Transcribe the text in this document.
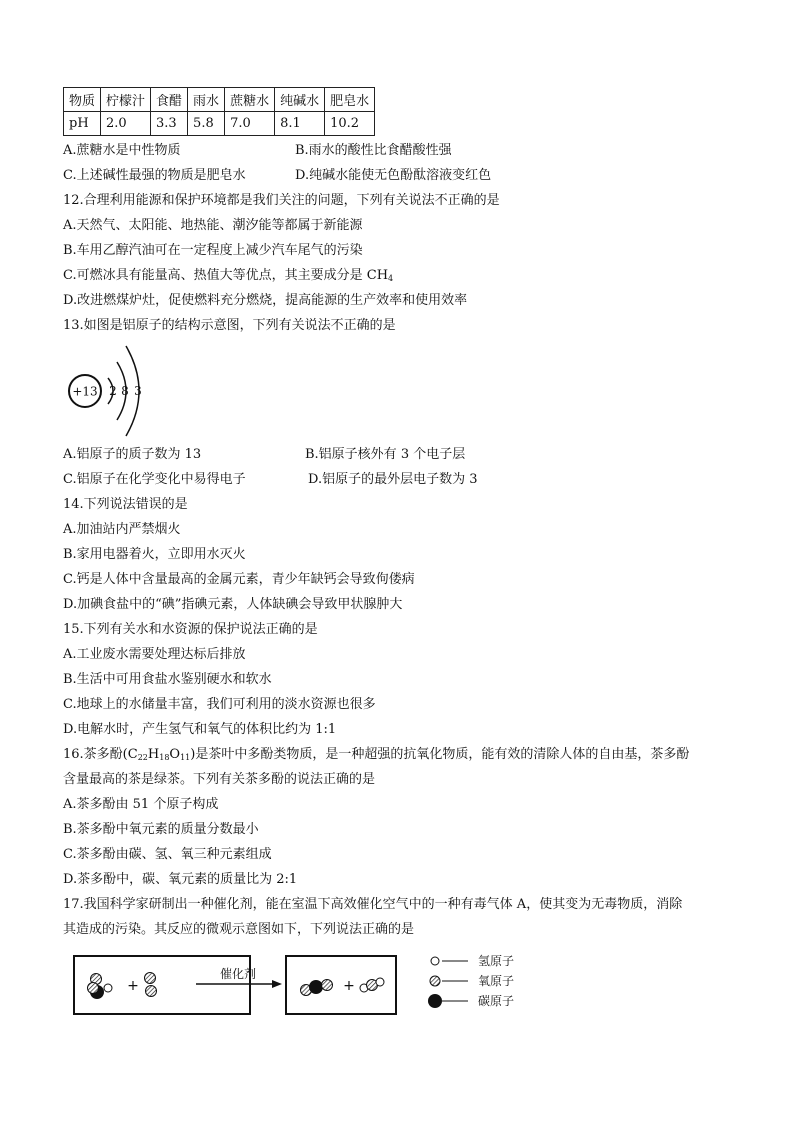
物质	柠檬汁	食醋	雨水	蔗糖水	纯碱水	肥皂水
pH	2.0	3.3	5.8	7.0	8.1	10.2
A.蔗糖水是中性物质	B.雨水的酸性比食醋酸性强
C.上述碱性最强的物质是肥皂水	D.纯碱水能使无色酚酞溶液变红色
12.合理利用能源和保护环境都是我们关注的问题，下列有关说法不正确的是
A.天然气、太阳能、地热能、潮汐能等都属于新能源
B.车用乙醇汽油可在一定程度上减少汽车尾气的污染
C.可燃冰具有能量高、热值大等优点，其主要成分是 $CH_4$
D.改进燃煤炉灶，促使燃料充分燃烧，提高能源的生产效率和使用效率
13.如图是铝原子的结构示意图，下列有关说法不正确的是
+13 2 8 3
A.铝原子的质子数为 13	B.铝原子核外有 3 个电子层
C.铝原子在化学变化中易得电子	D.铝原子的最外层电子数为 3
14.下列说法错误的是
A.加油站内严禁烟火
B.家用电器着火，立即用水灭火
C.钙是人体中含量最高的金属元素，青少年缺钙会导致佝偻病
D.加碘食盐中的“碘”指碘元素，人体缺碘会导致甲状腺肿大
15.下列有关水和水资源的保护说法正确的是
A.工业废水需要处理达标后排放
B.生活中可用食盐水鉴别硬水和软水
C.地球上的水储量丰富，我们可利用的淡水资源也很多
D.电解水时，产生氢气和氧气的体积比约为 1:1
16.茶多酚$(C_{22}H_{18}O_{11})$是茶叶中多酚类物质，是一种超强的抗氧化物质，能有效的清除人体的自由基，茶多酚
含量最高的茶是绿茶。下列有关茶多酚的说法正确的是
A.茶多酚由 51 个原子构成
B.茶多酚中氧元素的质量分数最小
C.茶多酚由碳、氢、氧三种元素组成
D.茶多酚中，碳、氧元素的质量比为 2:1
17.我国科学家研制出一种催化剂，能在室温下高效催化空气中的一种有毒气体 A，使其变为无毒物质，消除
其造成的污染。其反应的微观示意图如下，下列说法正确的是
+
催化剂
+
氢原子
氧原子
碳原子
